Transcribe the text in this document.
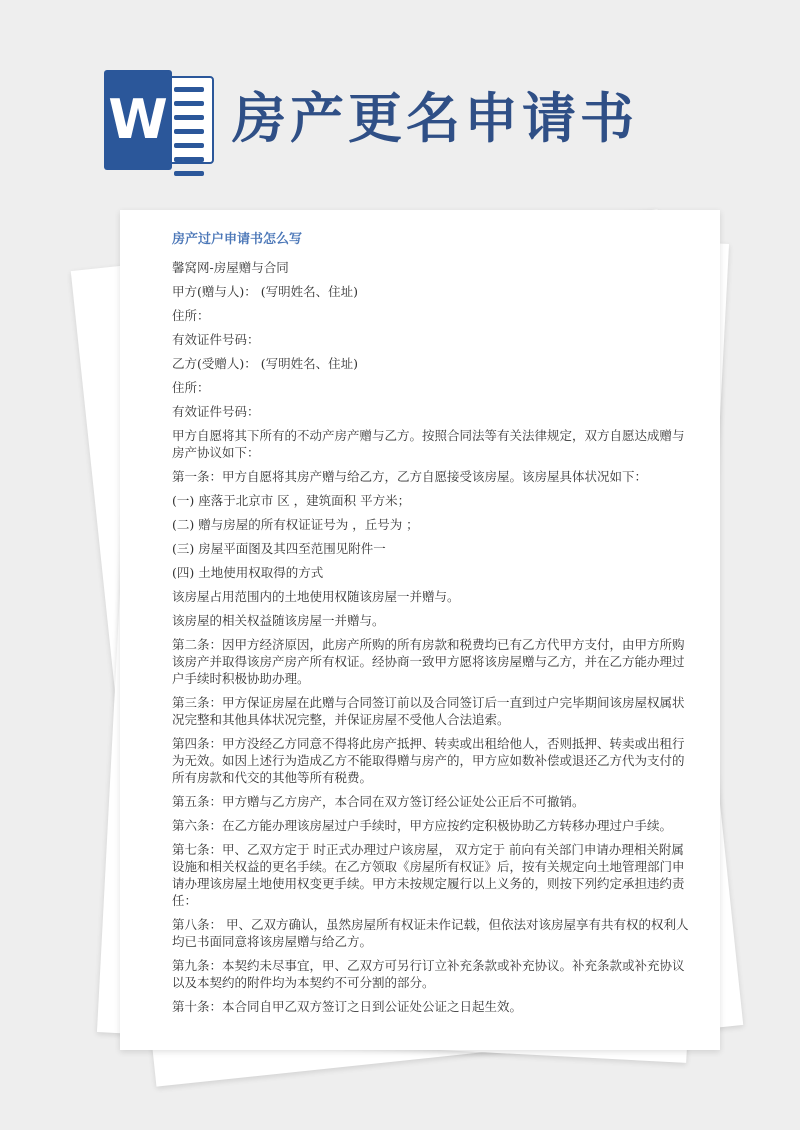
W 房产更名申请书
房产过户申请书怎么写

馨窝网-房屋赠与合同

甲方(赠与人)： (写明姓名、住址)

住所：

有效证件号码：

乙方(受赠人)： (写明姓名、住址)

住所：

有效证件号码：

甲方自愿将其下所有的不动产房产赠与乙方。按照合同法等有关法律规定，双方自愿达成赠与房产协议如下：

第一条：甲方自愿将其房产赠与给乙方，乙方自愿接受该房屋。该房屋具体状况如下：

(一) 座落于北京市 区 ，建筑面积 平方米；

(二) 赠与房屋的所有权证证号为 ，丘号为 ；

(三) 房屋平面图及其四至范围见附件一

(四) 土地使用权取得的方式

该房屋占用范围内的土地使用权随该房屋一并赠与。

该房屋的相关权益随该房屋一并赠与。

第二条：因甲方经济原因，此房产所购的所有房款和税费均已有乙方代甲方支付，由甲方所购该房产并取得该房产房产所有权证。经协商一致甲方愿将该房屋赠与乙方，并在乙方能办理过户手续时积极协助办理。

第三条：甲方保证房屋在此赠与合同签订前以及合同签订后一直到过户完毕期间该房屋权属状况完整和其他具体状况完整，并保证房屋不受他人合法追索。

第四条：甲方没经乙方同意不得将此房产抵押、转卖或出租给他人，否则抵押、转卖或出租行为无效。如因上述行为造成乙方不能取得赠与房产的，甲方应如数补偿或退还乙方代为支付的所有房款和代交的其他等所有税费。

第五条：甲方赠与乙方房产，本合同在双方签订经公证处公正后不可撤销。

第六条：在乙方能办理该房屋过户手续时，甲方应按约定积极协助乙方转移办理过户手续。

第七条：甲、乙双方定于 时正式办理过户该房屋， 双方定于 前向有关部门申请办理相关附属设施和相关权益的更名手续。在乙方领取《房屋所有权证》后，按有关规定向土地管理部门申请办理该房屋土地使用权变更手续。甲方未按规定履行以上义务的，则按下列约定承担违约责任：

第八条： 甲、乙双方确认，虽然房屋所有权证未作记载，但依法对该房屋享有共有权的权利人均已书面同意将该房屋赠与给乙方。

第九条：本契约未尽事宜，甲、乙双方可另行订立补充条款或补充协议。补充条款或补充协议以及本契约的附件均为本契约不可分割的部分。

第十条：本合同自甲乙双方签订之日到公证处公证之日起生效。
